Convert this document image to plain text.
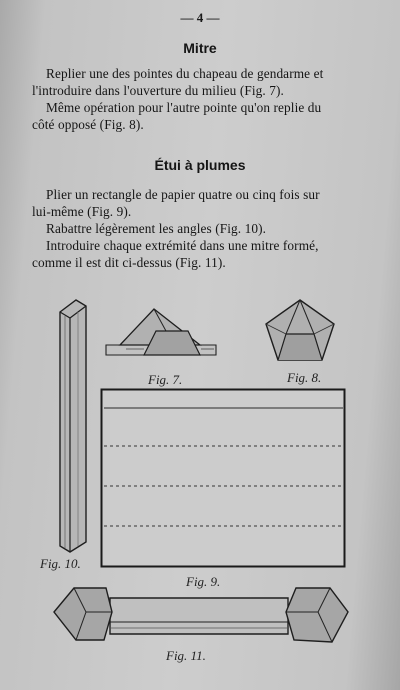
— 4 —
Mitre
Replier une des pointes du chapeau de gendarme et
l'introduire dans l'ouverture du milieu (Fig. 7).
Même opération pour l'autre pointe qu'on replie du
côté opposé (Fig. 8).
Étui à plumes
Plier un rectangle de papier quatre ou cinq fois sur
lui-même (Fig. 9).
Rabattre légèrement les angles (Fig. 10).
Introduire chaque extrémité dans une mitre formé,
comme il est dit ci-dessus (Fig. 11).
Fig. 10.
Fig. 7.	Fig. 8.
Fig. 9.
Fig. 11.
